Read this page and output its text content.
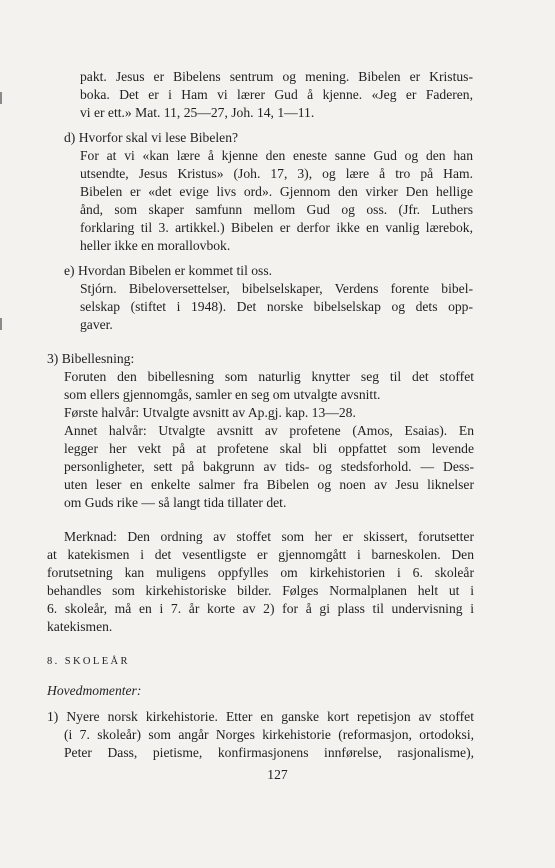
pakt. Jesus er Bibelens sentrum og mening. Bibelen er Kristus-
boka. Det er i Ham vi lærer Gud å kjenne. «Jeg er Faderen,
vi er ett.» Mat. 11, 25—27, Joh. 14, 1—11.
d) Hvorfor skal vi lese Bibelen?
For at vi «kan lære å kjenne den eneste sanne Gud og den han
utsendte, Jesus Kristus» (Joh. 17, 3), og lære å tro på Ham.
Bibelen er «det evige livs ord». Gjennom den virker Den hellige
ånd, som skaper samfunn mellom Gud og oss. (Jfr. Luthers
forklaring til 3. artikkel.) Bibelen er derfor ikke en vanlig lærebok,
heller ikke en morallovbok.
e) Hvordan Bibelen er kommet til oss.
Stjórn. Bibeloversettelser, bibelselskaper, Verdens forente bibel-
selskap (stiftet i 1948). Det norske bibelselskap og dets opp-
gaver.
3) Bibellesning:
Foruten den bibellesning som naturlig knytter seg til det stoffet
som ellers gjennomgås, samler en seg om utvalgte avsnitt.
Første halvår: Utvalgte avsnitt av Ap.gj. kap. 13—28.
Annet halvår: Utvalgte avsnitt av profetene (Amos, Esaias). En
legger her vekt på at profetene skal bli oppfattet som levende
personligheter, sett på bakgrunn av tids- og stedsforhold. — Dess-
uten leser en enkelte salmer fra Bibelen og noen av Jesu liknelser
om Guds rike — så langt tida tillater det.
Merknad: Den ordning av stoffet som her er skissert, forutsetter
at katekismen i det vesentligste er gjennomgått i barneskolen. Den
forutsetning kan muligens oppfylles om kirkehistorien i 6. skoleår
behandles som kirkehistoriske bilder. Følges Normalplanen helt ut i
6. skoleår, må en i 7. år korte av 2) for å gi plass til undervisning i
katekismen.
8. SKOLEÅR
Hovedmomenter:
1) Nyere norsk kirkehistorie. Etter en ganske kort repetisjon av stoffet
(i 7. skoleår) som angår Norges kirkehistorie (reformasjon, ortodoksi,
Peter Dass, pietisme, konfirmasjonens innførelse, rasjonalisme),
127
